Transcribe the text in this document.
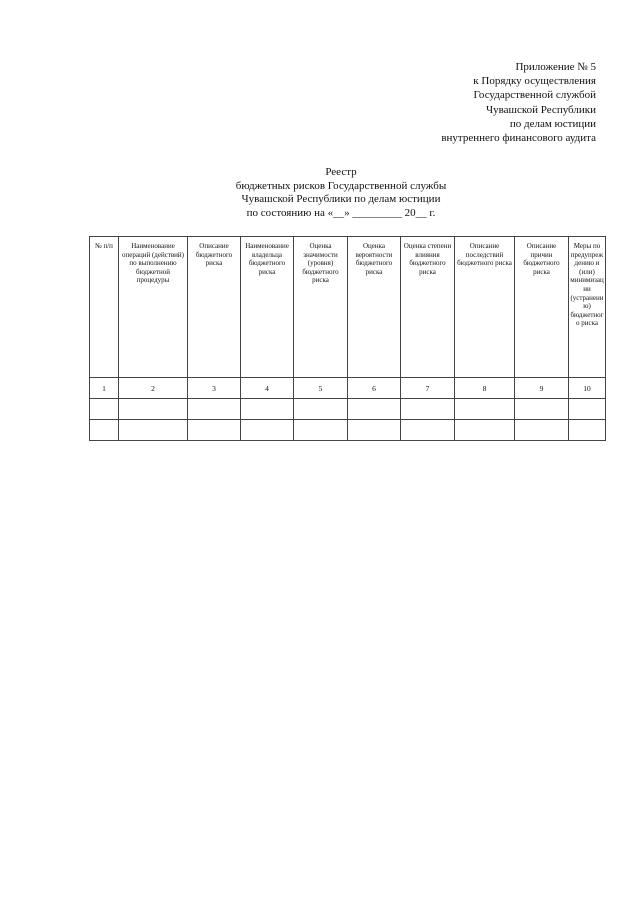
Приложение № 5
к Порядку осуществления
Государственной службой
Чувашской Республики
по делам юстиции
внутреннего финансового аудита
Реестр
бюджетных рисков Государственной службы
Чувашской Республики по делам юстиции
по состоянию на «__» _________ 20__ г.
№ п/п	Наименование операций (действий) по выполнению бюджетной процедуры	Описание бюджетного риска	Наименование владельца бюджетного риска	Оценка значимости (уровня) бюджетного риска	Оценка вероятности бюджетного риска	Оценка степени влияния бюджетного риска	Описание последствий бюджетного риска	Описание причин бюджетного риска	Меры по предупреждению и (или) минимизации (устранению) бюджетного риска
1	2	3	4	5	6	7	8	9	10
